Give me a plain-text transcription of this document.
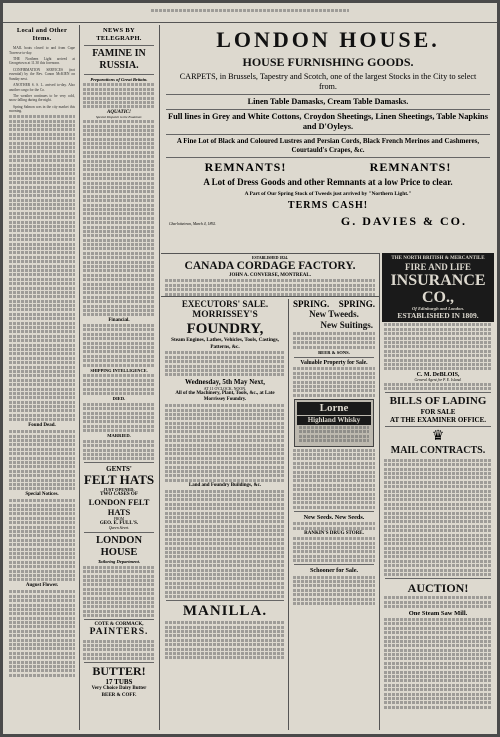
Local and Other Items.

MAIL boats closed to and from Cape Traverse to-day.

THE Northern Light arrived at Georgetown at 11.30 this forenoon.

CONFIRMATION SERVICES (not essential) by the Rev. Canon McKIEN on Sunday next.

ANOTHER S. S. L. arrived to-day. Also another cargo for the Co.

The weather continues to be very cold, snow falling during the night.

Spring Salmon was in the city market this morning.

Found Dead.
Special Notices.
August Flower.
NEWS BY TELEGRAPH.
FAMINE IN RUSSIA.
Preparations of Great Britain.
AQUATIC!
Special Dispatch to the Examiner.
Financial.
SHIPPING INTELLIGENCE.
DIED.
MARRIED.
GENTS'
FELT HATS
JUST OPENED.
TWO CASES OF
LONDON FELT HATS
FROM
GEO. E. FULL'S.
Queen Street.
LONDON HOUSE
Tailoring Department.
COTE & CORMACK,
PAINTERS.
BUTTER!
17 TUBS
Very Choice Dairy Butter
BEER & COFF.
LONDON HOUSE.
HOUSE FURNISHING GOODS.
CARPETS, in Brussels, Tapestry and Scotch, one of the largest Stocks in the City to select from.
Linen Table Damasks, Cream Table Damasks.
Full lines in Grey and White Cottons, Croydon Sheetings, Linen Sheetings, Table Napkins and D'Oyleys.
A Fine Lot of Black and Coloured Lustres and Persian Cords, Black French Merinos and Cashmeres, Courtauld's Crapes, &c.
REMNANTS!	REMNANTS!
A Lot of Dress Goods and other Remnants at a low Price to clear.
A Part of Our Spring Stock of Tweeds just arrived by "Northern Light."
TERMS CASH!
Charlottetown, March 4, 1892.	G. DAVIES & CO.
ESTABLISHED 1824.
CANADA CORDAGE FACTORY.
JOHN A. CONVERSE, MONTREAL.
EXECUTORS' SALE.
MORRISSEY'S
FOUNDRY,
Steam Engines, Lathes, Vehicles, Tools, Castings, Patterns, &c.
Wednesday, 5th May Next,
AT 11 O'CLOCK, NOON,
All of the Machinery, Plant, Tools, &c., at Late Morrissey Foundry.
Land and Foundry Buildings, &c.
MANILLA.
SPRING. SPRING.
New Tweeds.
New Suitings.
BEER & SONS.
Valuable Property for Sale.
Lorne
Highland Whisky
New Seeds. New Seeds.
RANKIN'S DRUG STORE.
Schooner for Sale.
THE NORTH BRITISH & MERCANTILE
FIRE AND LIFE
INSURANCE CO.,
Of Edinburgh and London.
ESTABLISHED IN 1809.
C. M. DeBLOIS,
General Agent for P. E. Island.
BILLS OF LADING
FOR SALE
AT THE EXAMINER OFFICE.
♛
MAIL CONTRACTS.
AUCTION!
One Steam Saw Mill.
